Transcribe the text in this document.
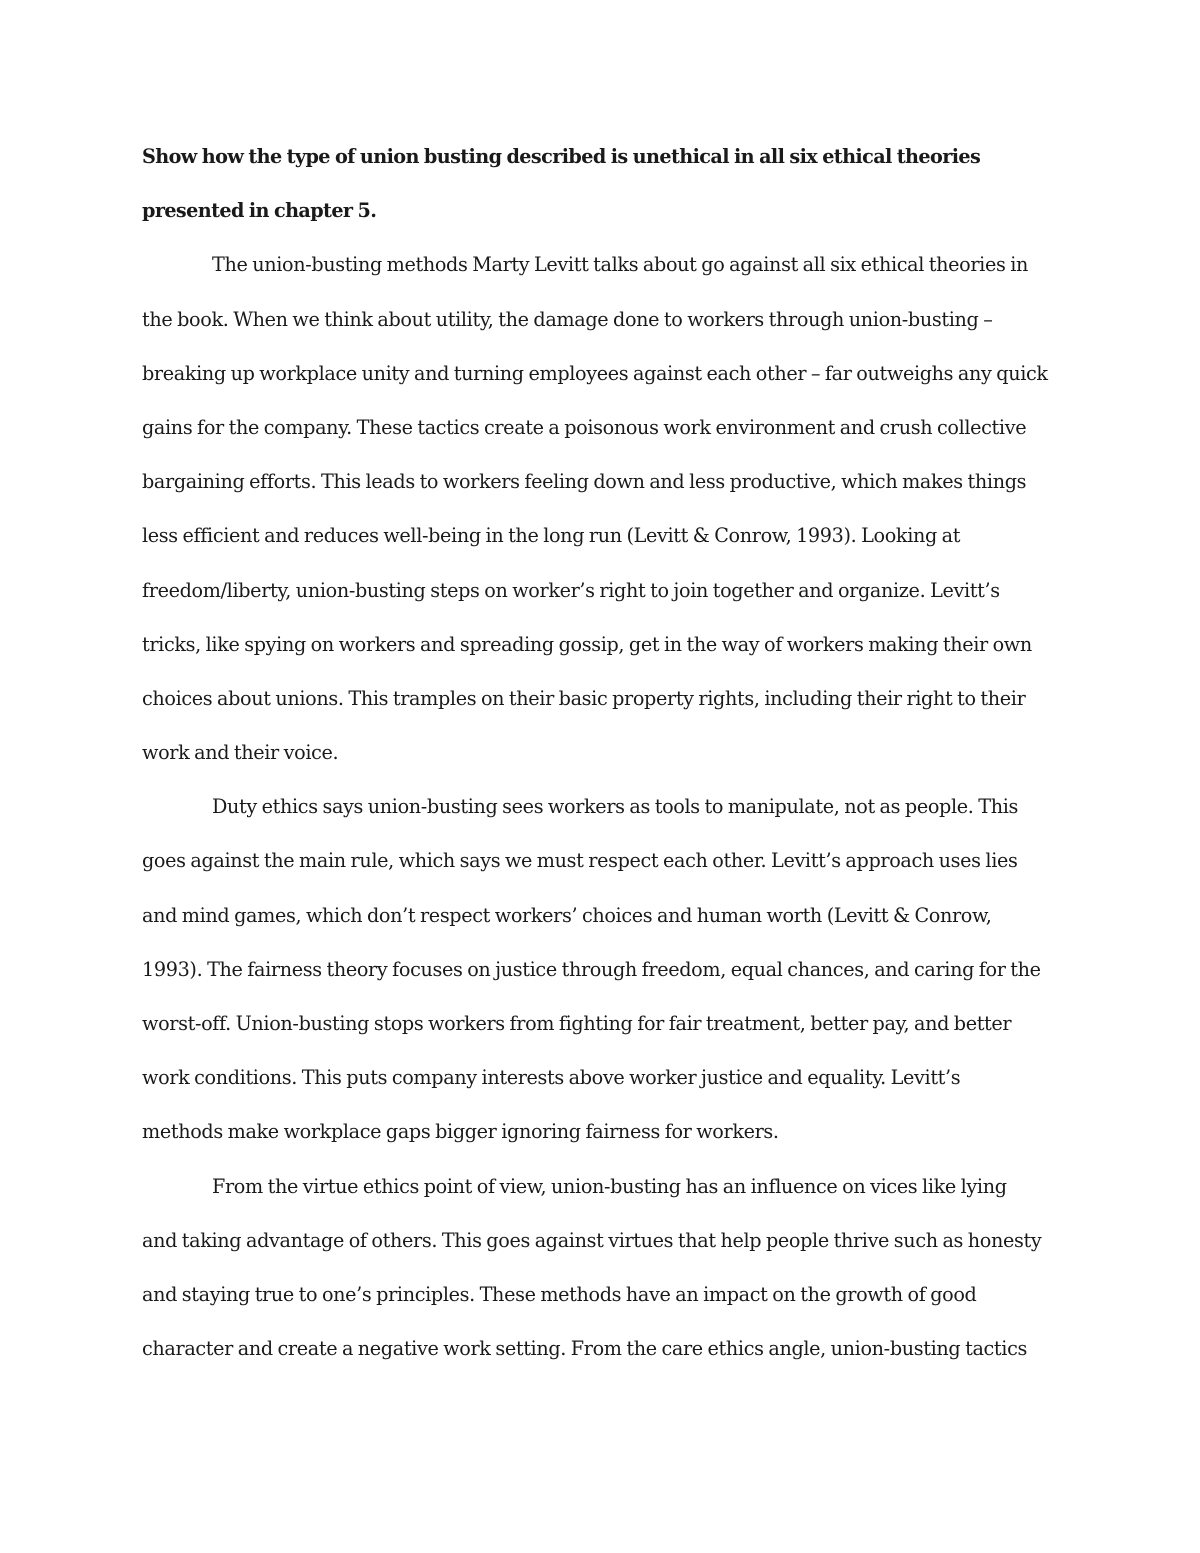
Show how the type of union busting described is unethical in all six ethical theories
presented in chapter 5.
The union-busting methods Marty Levitt talks about go against all six ethical theories in
the book. When we think about utility, the damage done to workers through union-busting –
breaking up workplace unity and turning employees against each other – far outweighs any quick
gains for the company. These tactics create a poisonous work environment and crush collective
bargaining efforts. This leads to workers feeling down and less productive, which makes things
less efficient and reduces well-being in the long run (Levitt & Conrow, 1993). Looking at
freedom/liberty, union-busting steps on worker’s right to join together and organize. Levitt’s
tricks, like spying on workers and spreading gossip, get in the way of workers making their own
choices about unions. This tramples on their basic property rights, including their right to their
work and their voice.
Duty ethics says union-busting sees workers as tools to manipulate, not as people. This
goes against the main rule, which says we must respect each other. Levitt’s approach uses lies
and mind games, which don’t respect workers’ choices and human worth (Levitt & Conrow,
1993). The fairness theory focuses on justice through freedom, equal chances, and caring for the
worst-off. Union-busting stops workers from fighting for fair treatment, better pay, and better
work conditions. This puts company interests above worker justice and equality. Levitt’s
methods make workplace gaps bigger ignoring fairness for workers.
From the virtue ethics point of view, union-busting has an influence on vices like lying
and taking advantage of others. This goes against virtues that help people thrive such as honesty
and staying true to one’s principles. These methods have an impact on the growth of good
character and create a negative work setting. From the care ethics angle, union-busting tactics
